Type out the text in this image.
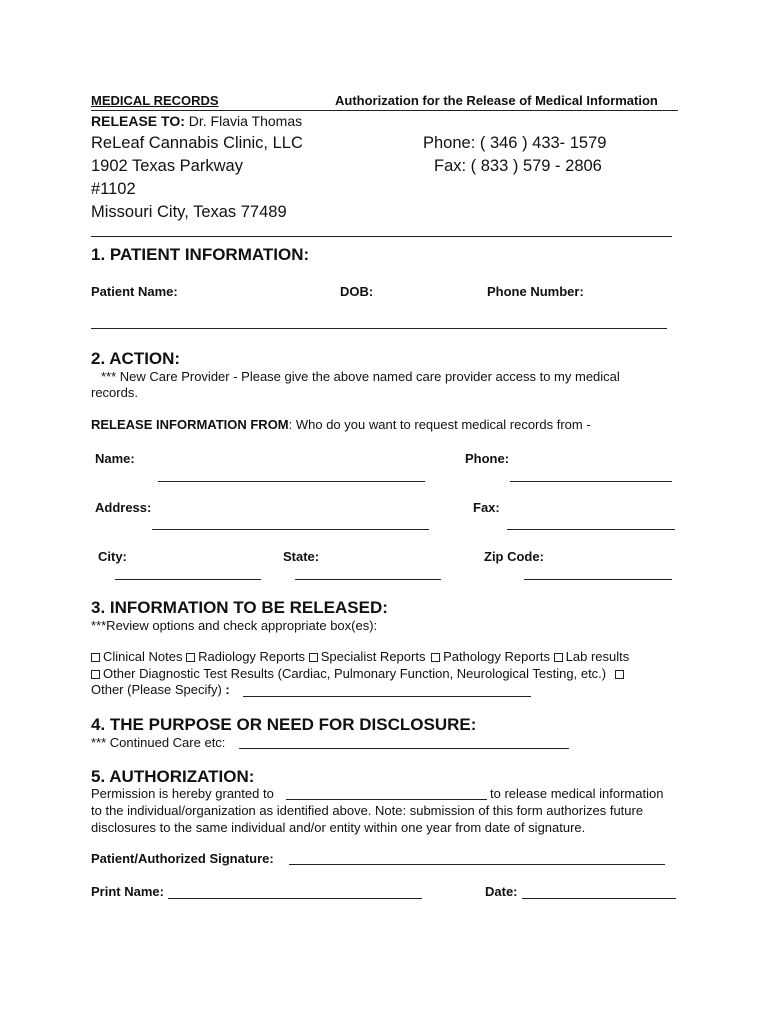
MEDICAL RECORDS	Authorization for the Release of Medical Information
RELEASE TO: Dr. Flavia Thomas
ReLeaf Cannabis Clinic, LLC
1902 Texas Parkway
#1102
Missouri City, Texas 77489
Phone: ( 346 ) 433- 1579
Fax: ( 833 ) 579 - 2806
1. PATIENT INFORMATION:
Patient Name:	DOB:	Phone Number:
2. ACTION:
*** New Care Provider - Please give the above named care provider access to my medical
records.
RELEASE INFORMATION FROM: Who do you want to request medical records from -
Name:	Phone:
Address:	Fax:
City:	State:	Zip Code:
3. INFORMATION TO BE RELEASED:
***Review options and check appropriate box(es):
Clinical Notes Radiology Reports Specialist Reports Pathology Reports Lab results
Other Diagnostic Test Results (Cardiac, Pulmonary Function, Neurological Testing, etc.)
Other (Please Specify) :
4. THE PURPOSE OR NEED FOR DISCLOSURE:
*** Continued Care etc:
5. AUTHORIZATION:
Permission is hereby granted to	to release medical information
to the individual/organization as identified above. Note: submission of this form authorizes future
disclosures to the same individual and/or entity within one year from date of signature.
Patient/Authorized Signature:
Print Name:	Date:
